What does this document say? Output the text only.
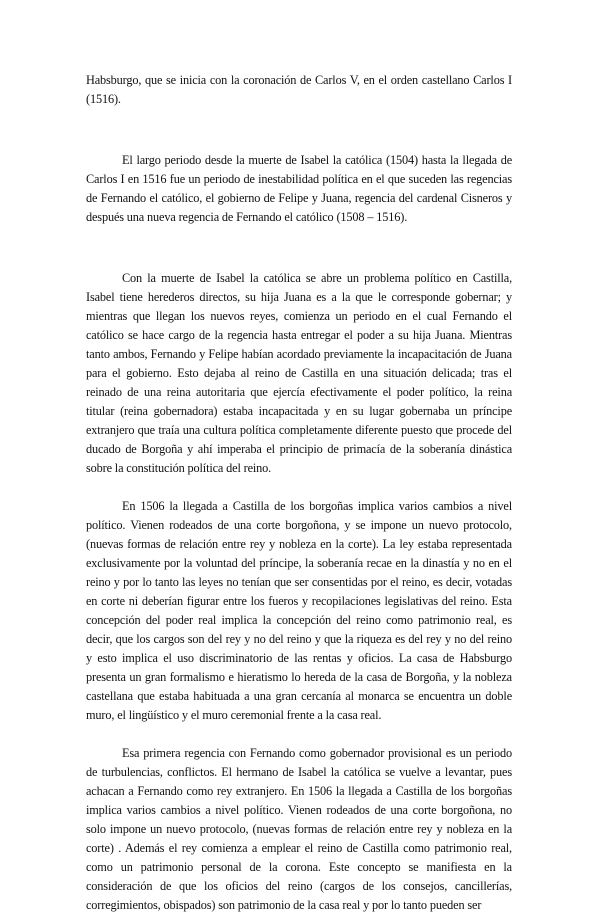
Habsburgo, que se inicia con la coronación de Carlos V, en el orden castellano Carlos I (1516).

El largo periodo desde la muerte de Isabel la católica (1504) hasta la llegada de Carlos I en 1516 fue un periodo de inestabilidad política en el que suceden las regencias de Fernando el católico, el gobierno de Felipe y Juana, regencia del cardenal Cisneros y después una nueva regencia de Fernando el católico (1508 – 1516).

Con la muerte de Isabel la católica se abre un problema político en Castilla, Isabel tiene herederos directos, su hija Juana es a la que le corresponde gobernar; y mientras que llegan los nuevos reyes, comienza un periodo en el cual Fernando el católico se hace cargo de la regencia hasta entregar el poder a su hija Juana. Mientras tanto ambos, Fernando y Felipe habían acordado previamente la incapacitación de Juana para el gobierno. Esto dejaba al reino de Castilla en una situación delicada; tras el reinado de una reina autoritaria que ejercía efectivamente el poder político, la reina titular (reina gobernadora) estaba incapacitada y en su lugar gobernaba un príncipe extranjero que traía una cultura política completamente diferente puesto que procede del ducado de Borgoña y ahí imperaba el principio de primacía de la soberanía dinástica sobre la constitución política del reino.

En 1506 la llegada a Castilla de los borgoñas implica varios cambios a nivel político. Vienen rodeados de una corte borgoñona, y se impone un nuevo protocolo, (nuevas formas de relación entre rey y nobleza en la corte). La ley estaba representada exclusivamente por la voluntad del príncipe, la soberanía recae en la dinastía y no en el reino y por lo tanto las leyes no tenían que ser consentidas por el reino, es decir, votadas en corte ni deberían figurar entre los fueros y recopilaciones legislativas del reino. Esta concepción del poder real implica la concepción del reino como patrimonio real, es decir, que los cargos son del rey y no del reino y que la riqueza es del rey y no del reino y esto implica el uso discriminatorio de las rentas y oficios. La casa de Habsburgo presenta un gran formalismo e hieratismo lo hereda de la casa de Borgoña, y la nobleza castellana que estaba habituada a una gran cercanía al monarca se encuentra un doble muro, el lingüístico y el muro ceremonial frente a la casa real.

Esa primera regencia con Fernando como gobernador provisional es un periodo de turbulencias, conflictos. El hermano de Isabel la católica se vuelve a levantar, pues achacan a Fernando como rey extranjero. En 1506 la llegada a Castilla de los borgoñas implica varios cambios a nivel político. Vienen rodeados de una corte borgoñona, no solo impone un nuevo protocolo, (nuevas formas de relación entre rey y nobleza en la corte) . Además el rey comienza a emplear el reino de Castilla como patrimonio real, como un patrimonio personal de la corona. Este concepto se manifiesta en la consideración de que los oficios del reino (cargos de los consejos, cancillerías, corregimientos, obispados) son patrimonio de la casa real y por lo tanto pueden ser
